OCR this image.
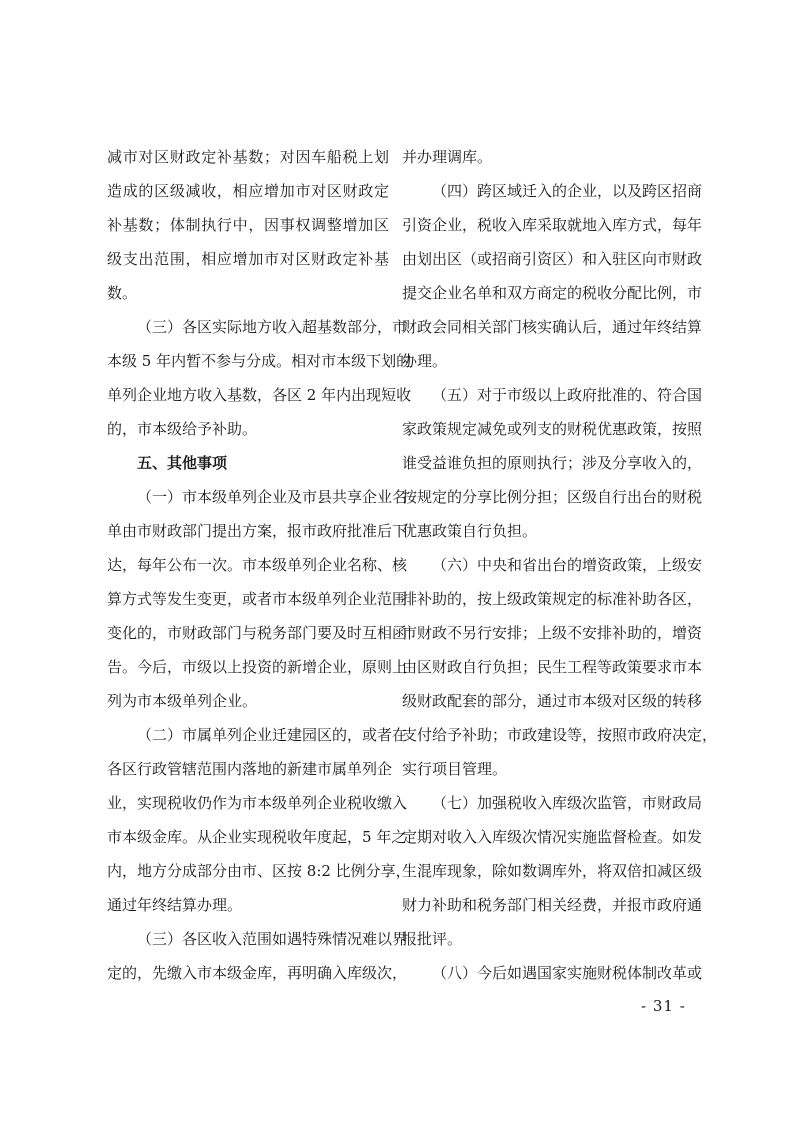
减市对区财政定补基数；对因车船税上划
造成的区级减收，相应增加市对区财政定
补基数；体制执行中，因事权调整增加区
级支出范围，相应增加市对区财政定补基
数。
（三）各区实际地方收入超基数部分，市
本级 5 年内暂不参与分成。相对市本级下划的
单列企业地方收入基数，各区 2 年内出现短收
的，市本级给予补助。
五、其他事项
（一）市本级单列企业及市县共享企业名
单由市财政部门提出方案，报市政府批准后下
达，每年公布一次。市本级单列企业名称、核
算方式等发生变更，或者市本级单列企业范围
变化的，市财政部门与税务部门要及时互相函
告。今后，市级以上投资的新增企业，原则上
列为市本级单列企业。
（二）市属单列企业迁建园区的，或者在
各区行政管辖范围内落地的新建市属单列企
业，实现税收仍作为市本级单列企业税收缴入
市本级金库。从企业实现税收年度起，5 年之
内，地方分成部分由市、区按 8:2 比例分享，
通过年终结算办理。
（三）各区收入范围如遇特殊情况难以界
定的，先缴入市本级金库，再明确入库级次，
并办理调库。
（四）跨区域迁入的企业，以及跨区招商
引资企业，税收入库采取就地入库方式，每年
由划出区（或招商引资区）和入驻区向市财政
提交企业名单和双方商定的税收分配比例，市
财政会同相关部门核实确认后，通过年终结算
办理。
（五）对于市级以上政府批准的、符合国
家政策规定减免或列支的财税优惠政策，按照
谁受益谁负担的原则执行；涉及分享收入的，
按规定的分享比例分担；区级自行出台的财税
优惠政策自行负担。
（六）中央和省出台的增资政策，上级安
排补助的，按上级政策规定的标准补助各区，
市财政不另行安排；上级不安排补助的，增资
由区财政自行负担；民生工程等政策要求市本
级财政配套的部分，通过市本级对区级的转移
支付给予补助；市政建设等，按照市政府决定，
实行项目管理。
（七）加强税收入库级次监管，市财政局
定期对收入入库级次情况实施监督检查。如发
生混库现象，除如数调库外，将双倍扣减区级
财力补助和税务部门相关经费，并报市政府通
报批评。
（八）今后如遇国家实施财税体制改革或
- 31 -
